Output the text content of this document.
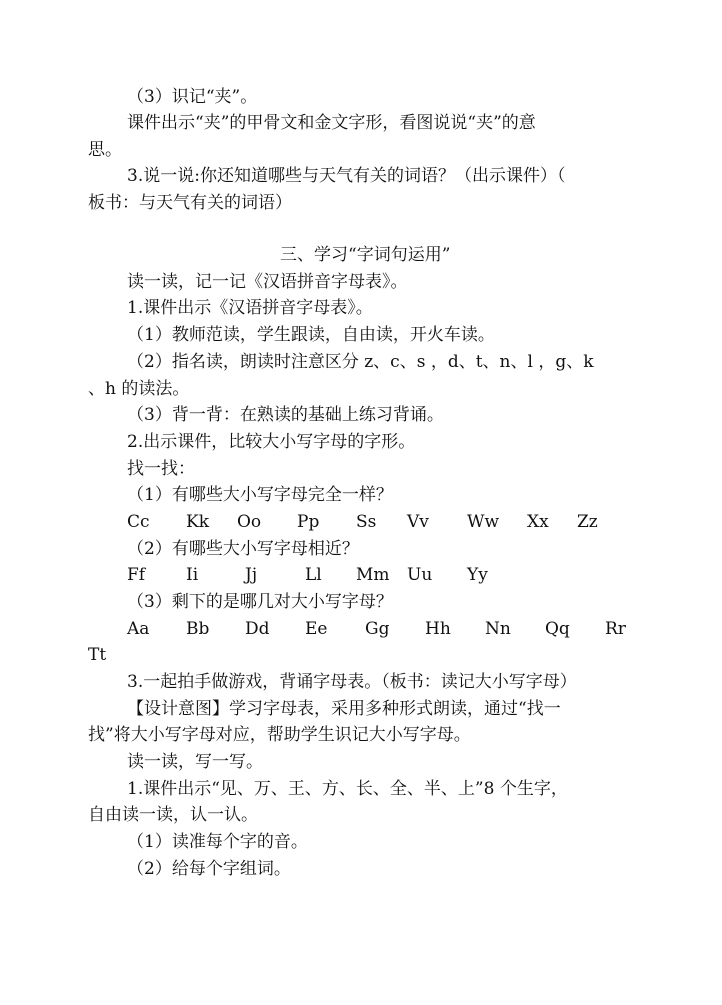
（3）识记“夹”。
课件出示“夹”的甲骨文和金文字形，看图说说“夹”的意
思。
3.说一说:你还知道哪些与天气有关的词语？（出示课件）（
板书：与天气有关的词语）
三、学习“字词句运用”
读一读，记一记《汉语拼音字母表》。
1.课件出示《汉语拼音字母表》。
（1）教师范读，学生跟读，自由读，开火车读。
（2）指名读，朗读时注意区分 z、c、s ，d、t、n、l ，g、k
、h 的读法。
（3）背一背：在熟读的基础上练习背诵。
2.出示课件，比较大小写字母的字形。
找一找：
（1）有哪些大小写字母完全一样？
Cc Kk Oo Pp Ss Vv Ww Xx Zz
（2）有哪些大小写字母相近？
Ff Ii	Jj	Ll Mm Uu Yy
（3）剩下的是哪几对大小写字母？
Aa Bb Dd Ee Gg Hh Nn Qq Rr
Tt
3.一起拍手做游戏，背诵字母表。（板书：读记大小写字母）
【设计意图】学习字母表，采用多种形式朗读，通过“找一
找”将大小写字母对应，帮助学生识记大小写字母。
读一读，写一写。
1.课件出示“见、万、王、方、长、全、半、上”8 个生字，
自由读一读，认一认。
（1）读准每个字的音。
（2）给每个字组词。
